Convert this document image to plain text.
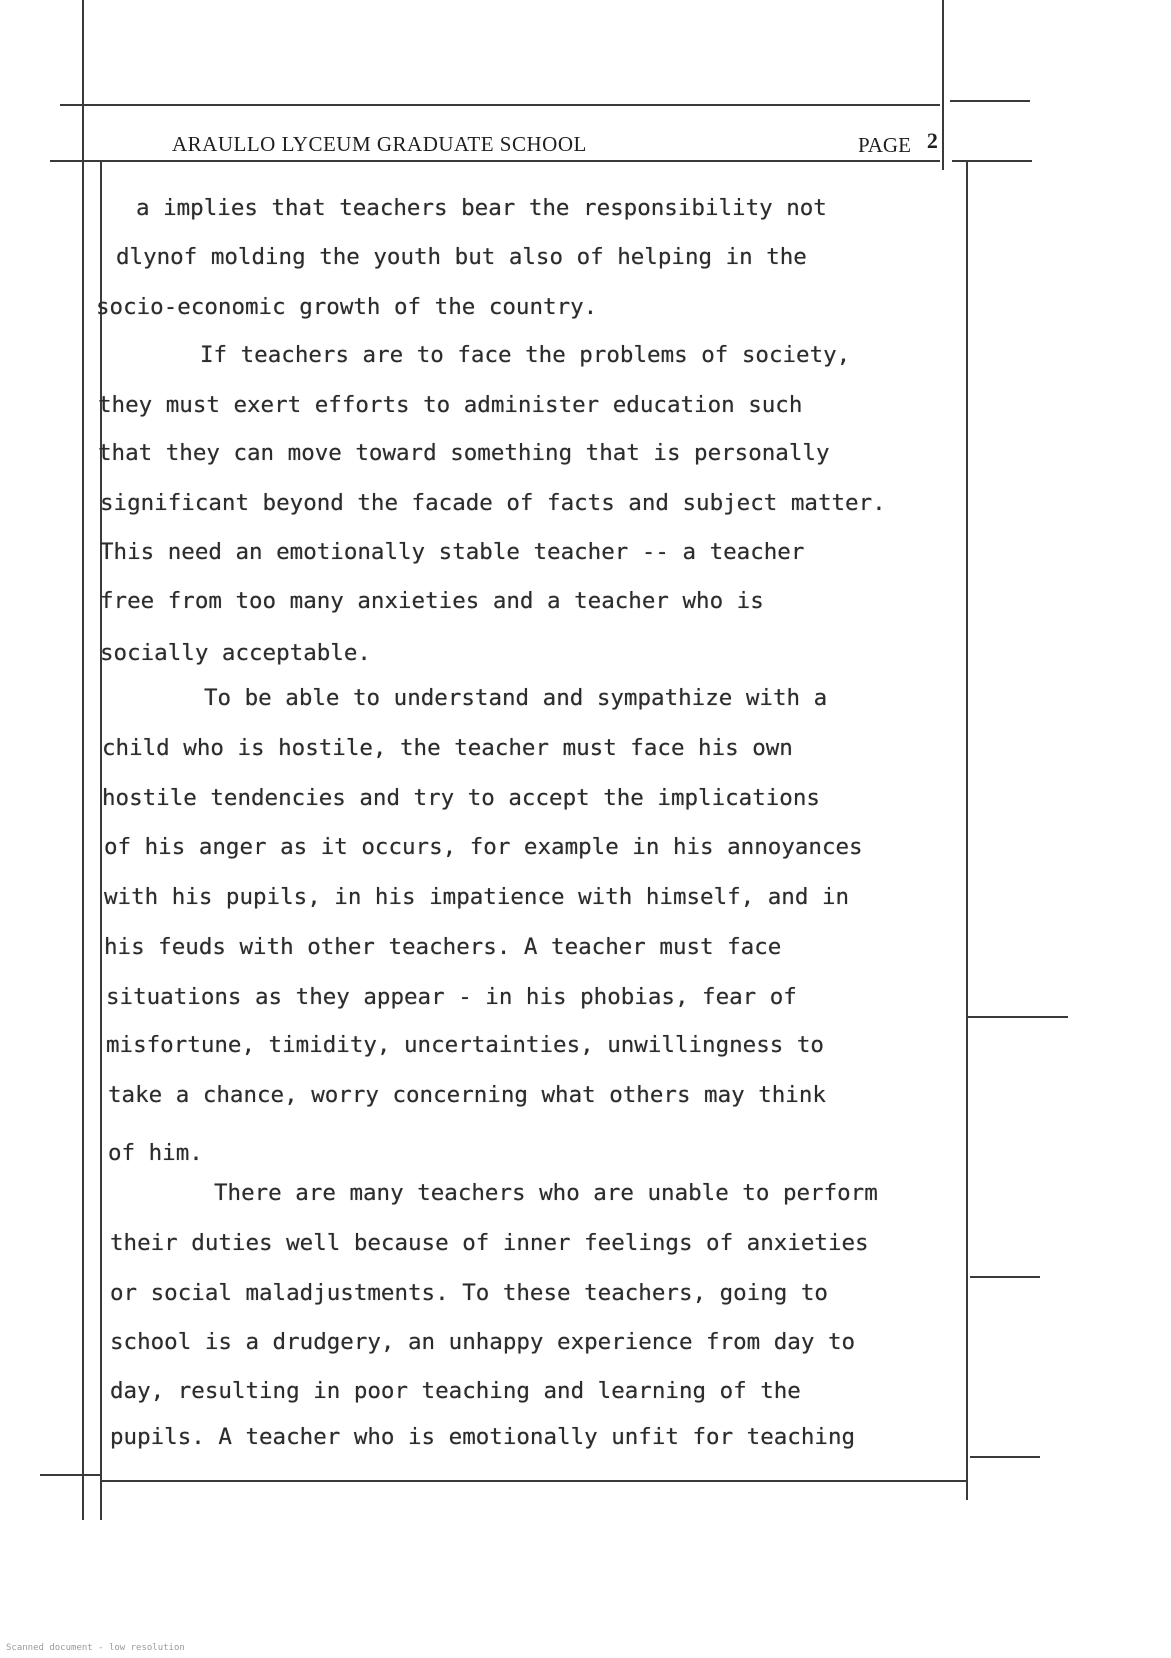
ARAULLO LYCEUM GRADUATE SCHOOL	PAGE 2
a implies that teachers bear the responsibility not
dlynof molding the youth but also of helping in the
socio-economic growth of the country.
If teachers are to face the problems of society,
they must exert efforts to administer education such
that they can move toward something that is personally
significant beyond the facade of facts and subject matter.
This need an emotionally stable teacher -- a teacher
free from too many anxieties and a teacher who is
socially acceptable.
To be able to understand and sympathize with a
child who is hostile, the teacher must face his own
hostile tendencies and try to accept the implications
of his anger as it occurs, for example in his annoyances
with his pupils, in his impatience with himself, and in
his feuds with other teachers. A teacher must face
situations as they appear - in his phobias, fear of
misfortune, timidity, uncertainties, unwillingness to
take a chance, worry concerning what others may think
of him.
There are many teachers who are unable to perform
their duties well because of inner feelings of anxieties
or social maladjustments. To these teachers, going to
school is a drudgery, an unhappy experience from day to
day, resulting in poor teaching and learning of the
pupils. A teacher who is emotionally unfit for teaching
Scanned document - low resolution
